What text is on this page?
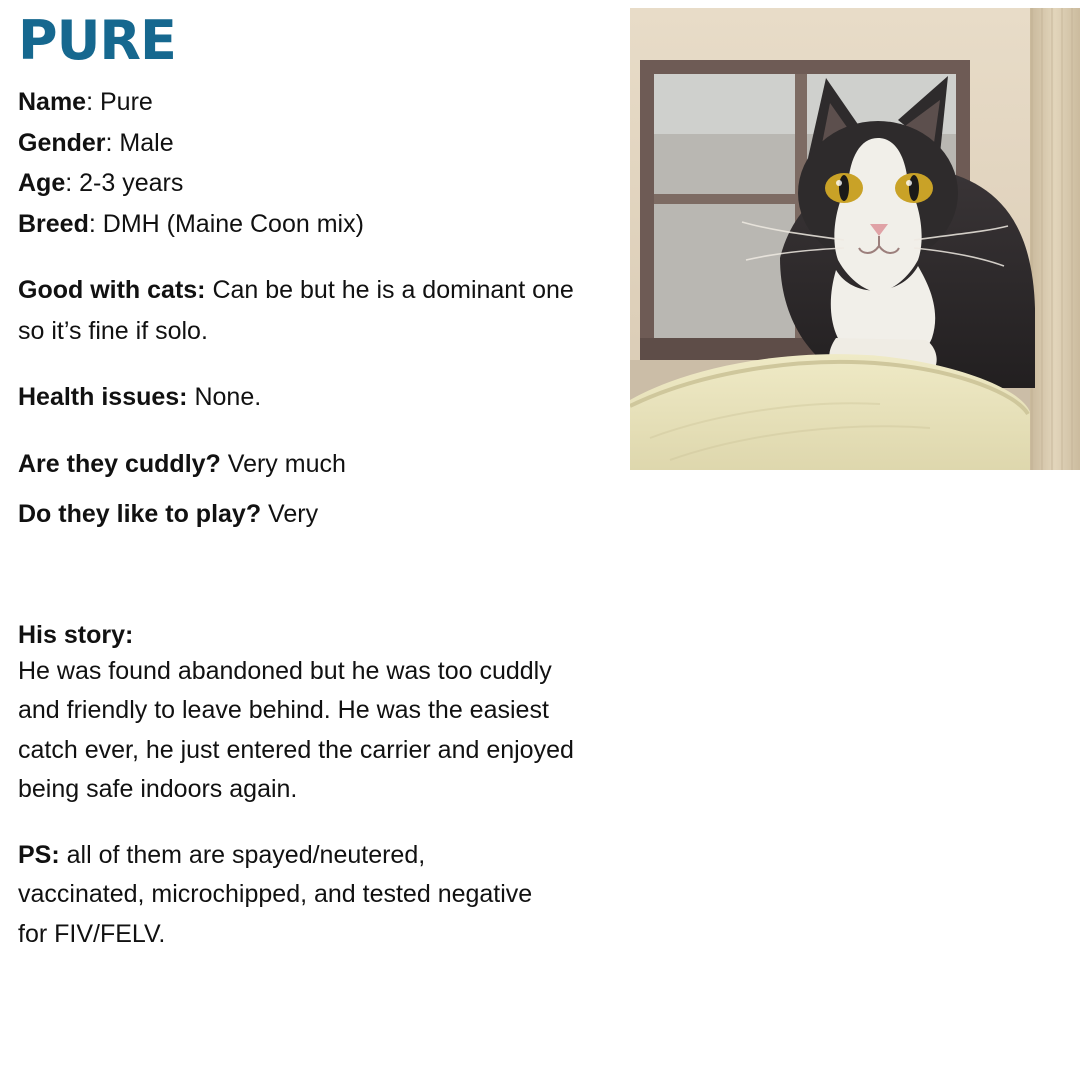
PURE
Name: Pure
Gender: Male
Age: 2-3 years
Breed: DMH (Maine Coon mix)
Good with cats: Can be but he is a dominant one so it’s fine if solo.
Health issues: None.
Are they cuddly? Very much
Do they like to play? Very
His story:
He was found abandoned but he was too cuddly and friendly to leave behind. He was the easiest catch ever, he just entered the carrier and enjoyed being safe indoors again.
PS: all of them are spayed/neutered, vaccinated, microchipped, and tested negative for FIV/FELV.
